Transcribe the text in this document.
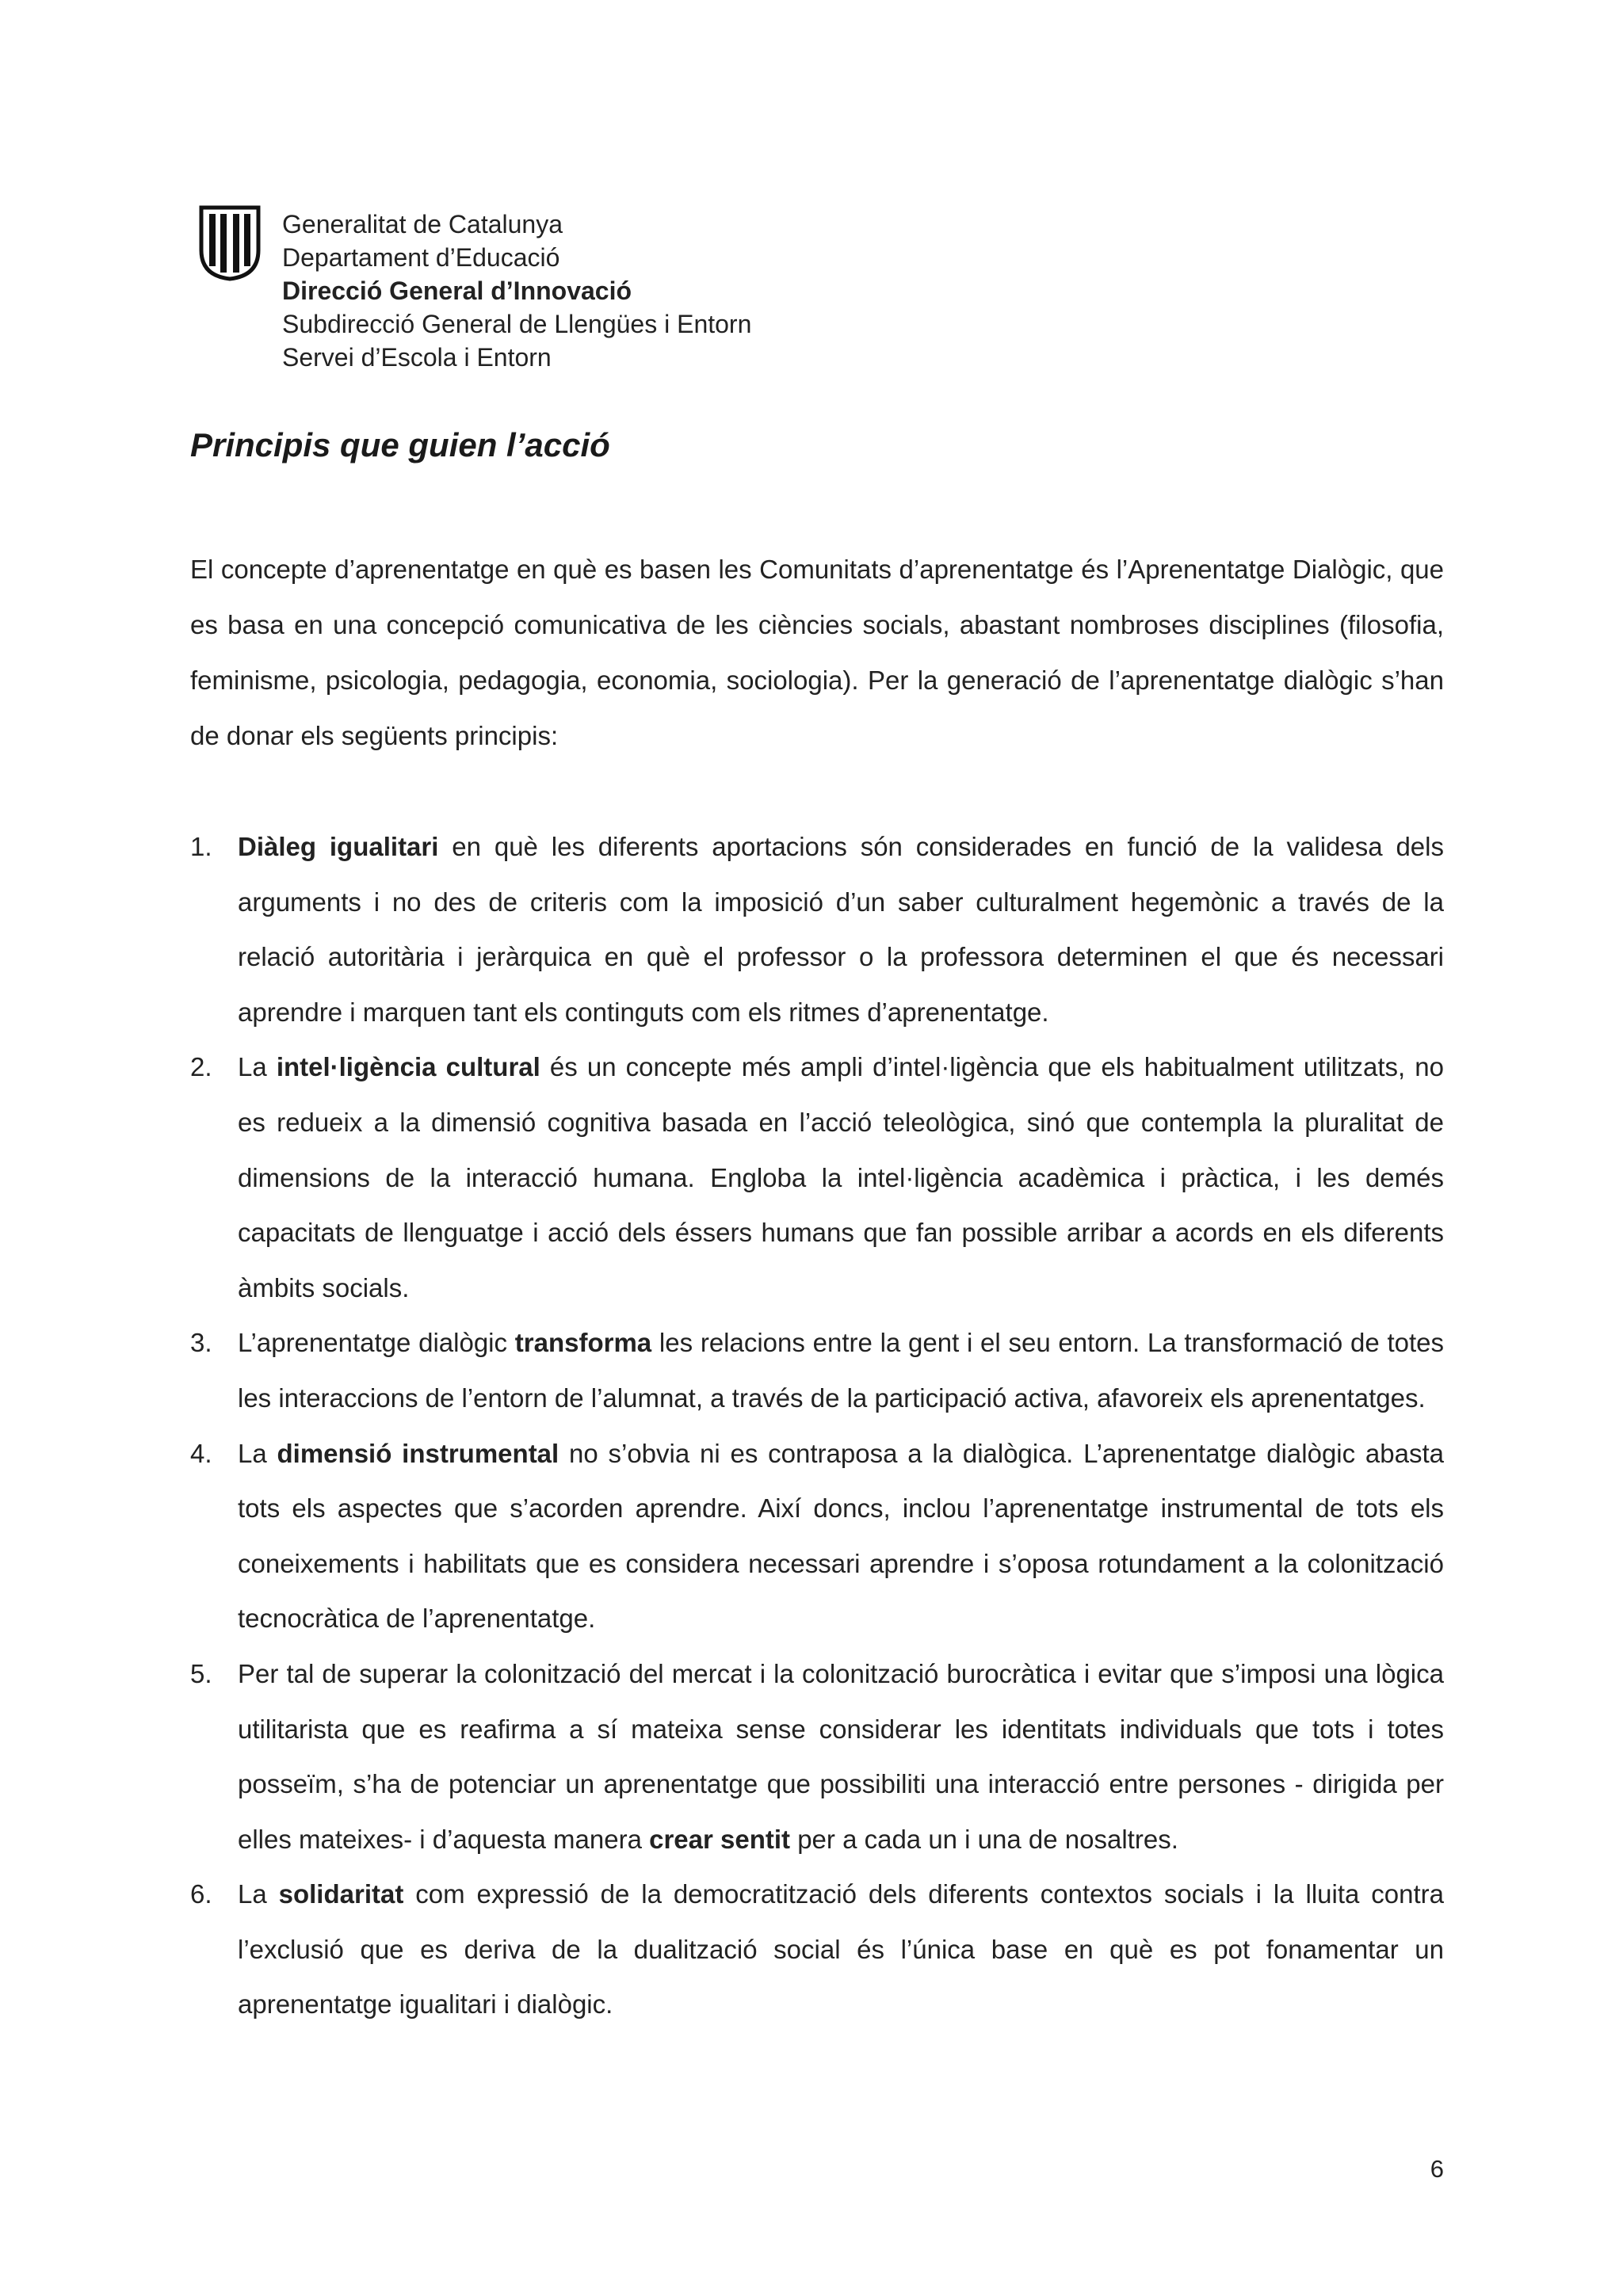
Generalitat de Catalunya
Departament d’Educació
Direcció General d’Innovació
Subdirecció General de Llengües i Entorn
Servei d’Escola i Entorn
Principis que guien l’acció

El concepte d’aprenentatge en què es basen les Comunitats d’aprenentatge és l’Aprenentatge Dialògic, que es basa en una concepció comunicativa de les ciències socials, abastant nombroses disciplines (filosofia, feminisme, psicologia, pedagogia, economia, sociologia). Per la generació de l’aprenentatge dialògic s’han de donar els següents principis:

1. Diàleg igualitari en què les diferents aportacions són considerades en funció de la validesa dels arguments i no des de criteris com la imposició d’un saber culturalment hegemònic a través de la relació autoritària i jeràrquica en què el professor o la professora determinen el que és necessari aprendre i marquen tant els continguts com els ritmes d’aprenentatge.
2. La intel·ligència cultural és un concepte més ampli d’intel·ligència que els habitualment utilitzats, no es redueix a la dimensió cognitiva basada en l’acció teleològica, sinó que contempla la pluralitat de dimensions de la interacció humana. Engloba la intel·ligència acadèmica i pràctica, i les demés capacitats de llenguatge i acció dels éssers humans que fan possible arribar a acords en els diferents àmbits socials.
3. L’aprenentatge dialògic transforma les relacions entre la gent i el seu entorn. La transformació de totes les interaccions de l’entorn de l’alumnat, a través de la participació activa, afavoreix els aprenentatges.
4. La dimensió instrumental no s’obvia ni es contraposa a la dialògica. L’aprenentatge dialògic abasta tots els aspectes que s’acorden aprendre. Així doncs, inclou l’aprenentatge instrumental de tots els coneixements i habilitats que es considera necessari aprendre i s’oposa rotundament a la colonització tecnocràtica de l’aprenentatge.
5. Per tal de superar la colonització del mercat i la colonització burocràtica i evitar que s’imposi una lògica utilitarista que es reafirma a sí mateixa sense considerar les identitats individuals que tots i totes posseïm, s’ha de potenciar un aprenentatge que possibiliti una interacció entre persones - dirigida per elles mateixes- i d’aquesta manera crear sentit per a cada un i una de nosaltres.
6. La solidaritat com expressió de la democratització dels diferents contextos socials i la lluita contra l’exclusió que es deriva de la dualització social és l’única base en què es pot fonamentar un aprenentatge igualitari i dialògic.
6
